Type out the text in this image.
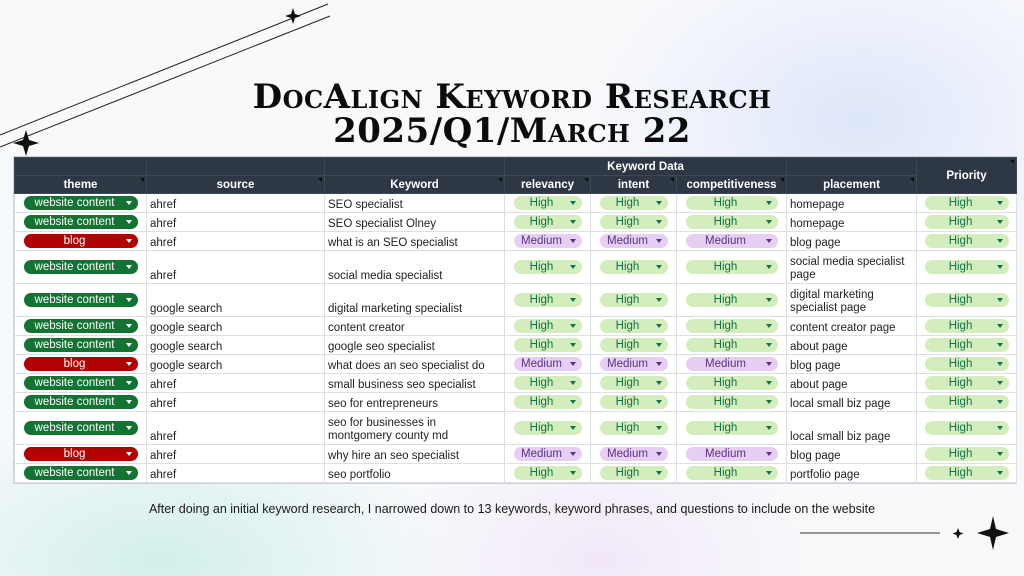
DocAlign Keyword Research
2025/Q1/March 22
			Keyword Data				Priority
theme	source	Keyword	relevancy	intent	competitiveness	placement	
website content	ahref	SEO specialist	High	High	High	homepage	High
website content	ahref	SEO specialist Olney	High	High	High	homepage	High
blog	ahref	what is an SEO specialist	Medium	Medium	Medium	blog page	High
website content	ahref	social media specialist	High	High	High	social media specialist page	High
website content	google search	digital marketing specialist	High	High	High	digital marketing specialist page	High
website content	google search	content creator	High	High	High	content creator page	High
website content	google search	google seo specialist	High	High	High	about page	High
blog	google search	what does an seo specialist do	Medium	Medium	Medium	blog page	High
website content	ahref	small business seo specialist	High	High	High	about page	High
website content	ahref	seo for entrepreneurs	High	High	High	local small biz page	High
website content	ahref	seo for businesses in montgomery county md	High	High	High	local small biz page	High
blog	ahref	why hire an seo specialist	Medium	Medium	Medium	blog page	High
website content	ahref	seo portfolio	High	High	High	portfolio page	High
After doing an initial keyword research, I narrowed down to 13 keywords, keyword phrases, and questions to include on the website
